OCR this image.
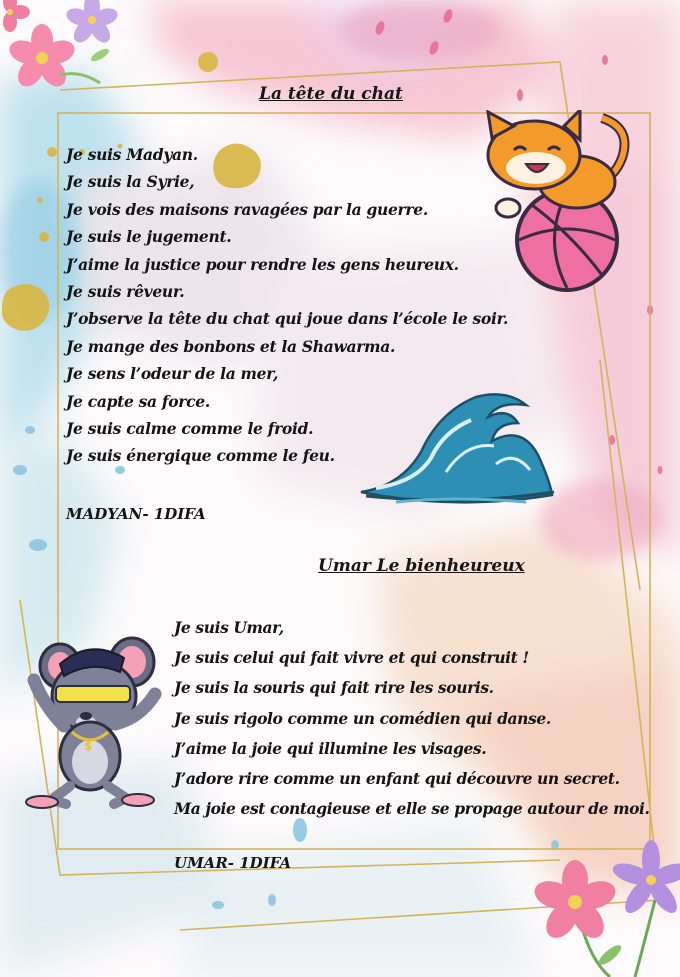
$
La tête du chat
Je suis Madyan.
Je suis la Syrie,
Je vois des maisons ravagées par la guerre.
Je suis le jugement.
J’aime la justice pour rendre les gens heureux.
Je suis rêveur.
J’observe la tête du chat qui joue dans l’école le soir.
Je mange des bonbons et la Shawarma.
Je sens l’odeur de la mer,
Je capte sa force.
Je suis calme comme le froid.
Je suis énergique comme le feu.
MADYAN- 1DIFA
Umar Le bienheureux
Je suis Umar,
Je suis celui qui fait vivre et qui construit !
Je suis la souris qui fait rire les souris.
Je suis rigolo comme un comédien qui danse.
J’aime la joie qui illumine les visages.
J’adore rire comme un enfant qui découvre un secret.
Ma joie est contagieuse et elle se propage autour de moi.
UMAR- 1DIFA
